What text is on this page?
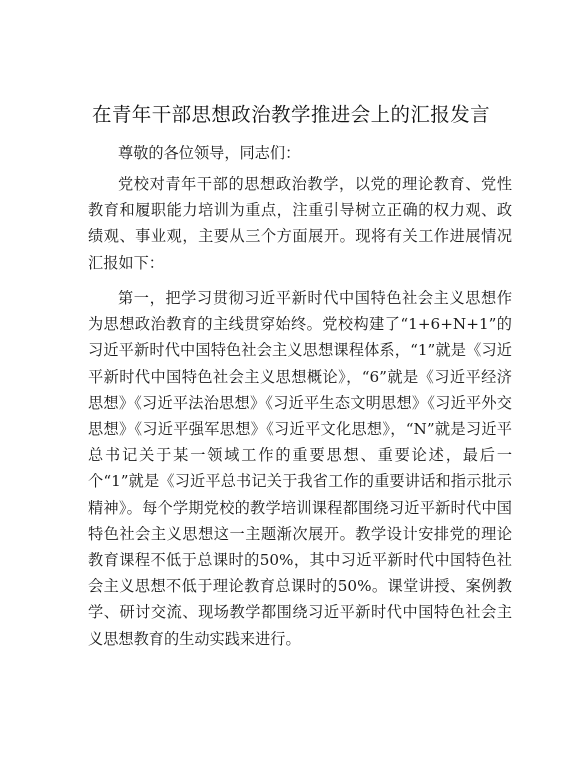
在青年干部思想政治教学推进会上的汇报发言
尊敬的各位领导，同志们：

党校对青年干部的思想政治教学，以党的理论教育、党性教育和履职能力培训为重点，注重引导树立正确的权力观、政绩观、事业观，主要从三个方面展开。现将有关工作进展情况汇报如下：

第一，把学习贯彻习近平新时代中国特色社会主义思想作为思想政治教育的主线贯穿始终。党校构建了“1+6+N+1”的习近平新时代中国特色社会主义思想课程体系，“1”就是《习近平新时代中国特色社会主义思想概论》，“6”就是《习近平经济思想》《习近平法治思想》《习近平生态文明思想》《习近平外交思想》《习近平强军思想》《习近平文化思想》，“N”就是习近平总书记关于某一领域工作的重要思想、重要论述，最后一个“1”就是《习近平总书记关于我省工作的重要讲话和指示批示精神》。每个学期党校的教学培训课程都围绕习近平新时代中国特色社会主义思想这一主题渐次展开。教学设计安排党的理论教育课程不低于总课时的50%，其中习近平新时代中国特色社会主义思想不低于理论教育总课时的50%。课堂讲授、案例教学、研讨交流、现场教学都围绕习近平新时代中国特色社会主义思想教育的生动实践来进行。
